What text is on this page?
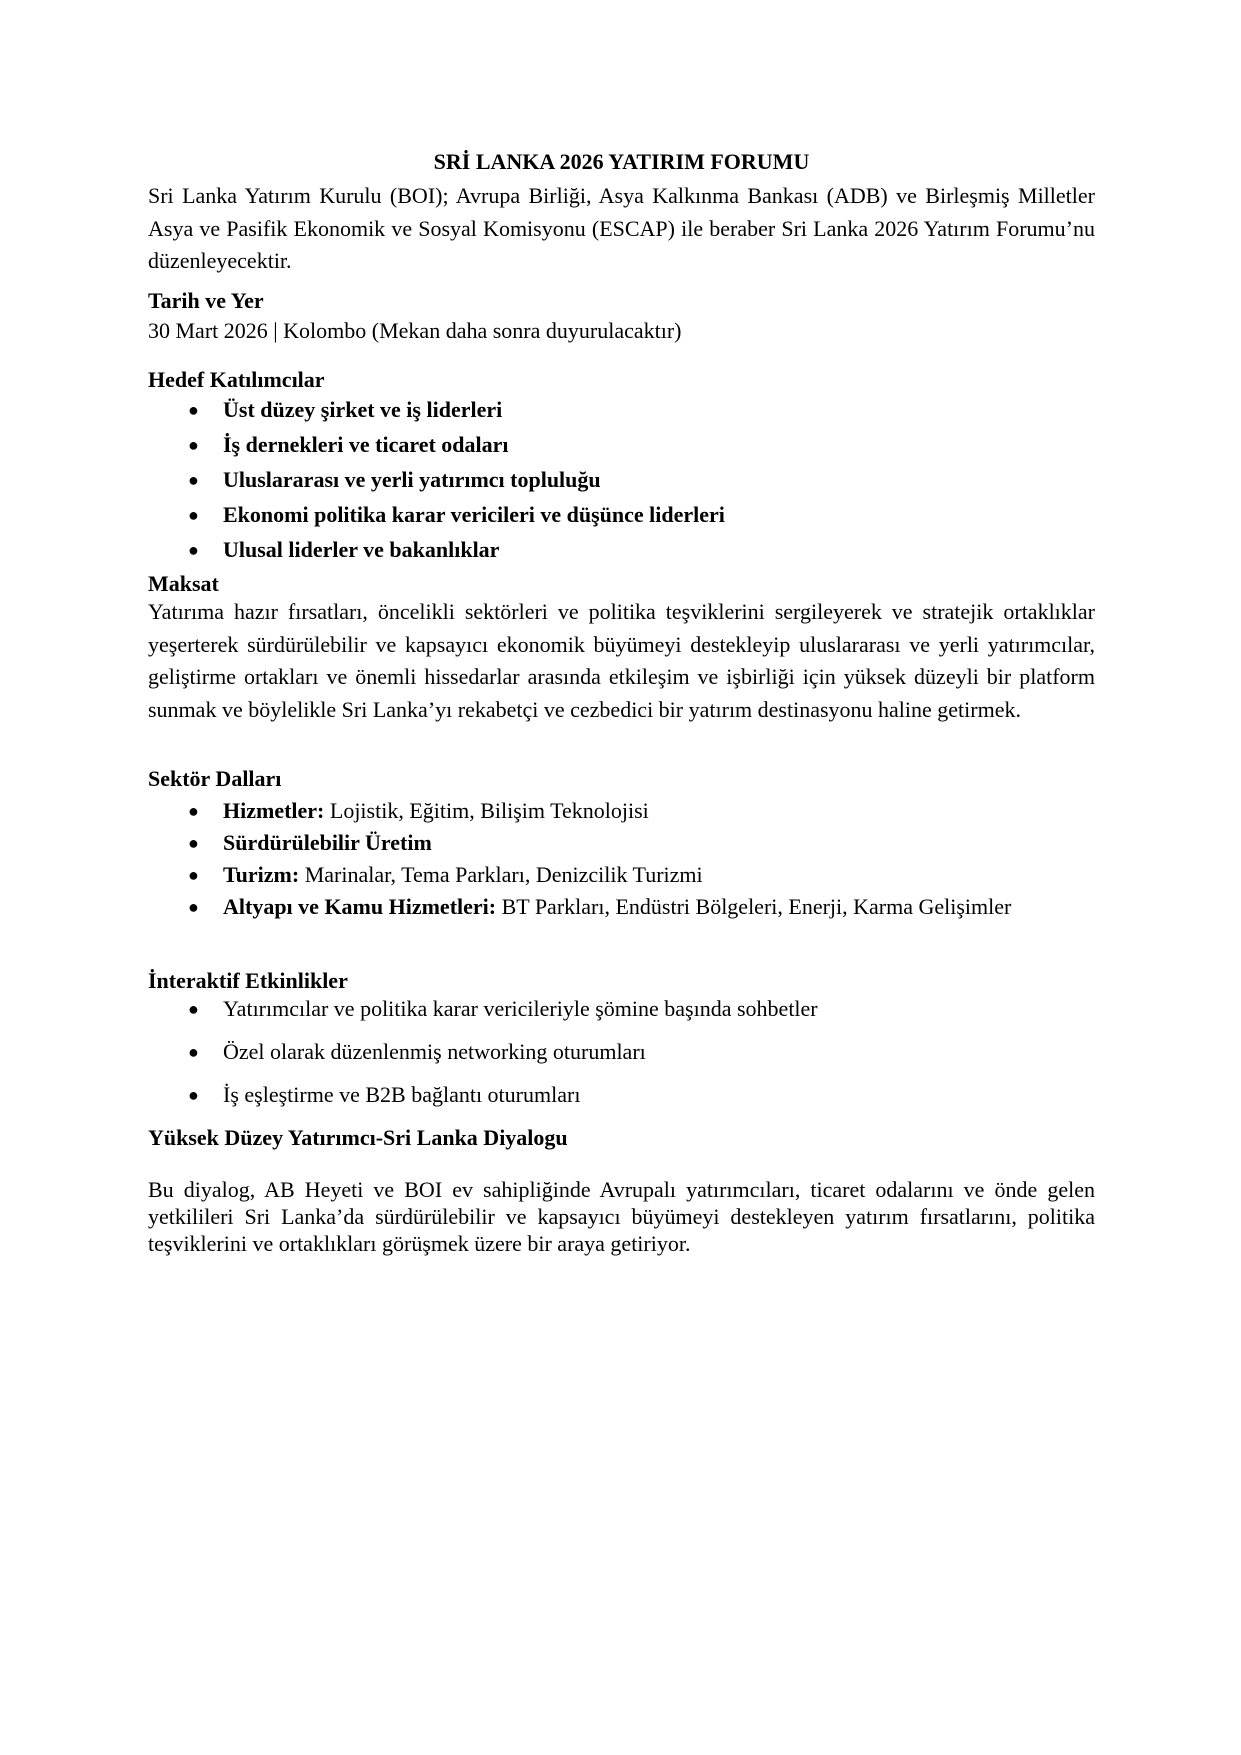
SRİ LANKA 2026 YATIRIM FORUMU
Sri Lanka Yatırım Kurulu (BOI); Avrupa Birliği, Asya Kalkınma Bankası (ADB) ve Birleşmiş Milletler Asya ve Pasifik Ekonomik ve Sosyal Komisyonu (ESCAP) ile beraber Sri Lanka 2026 Yatırım Forumu’nu düzenleyecektir.
Tarih ve Yer
30 Mart 2026 | Kolombo (Mekan daha sonra duyurulacaktır)
Hedef Katılımcılar
● Üst düzey şirket ve iş liderleri
● İş dernekleri ve ticaret odaları
● Uluslararası ve yerli yatırımcı topluluğu
● Ekonomi politika karar vericileri ve düşünce liderleri
● Ulusal liderler ve bakanlıklar
Maksat
Yatırıma hazır fırsatları, öncelikli sektörleri ve politika teşviklerini sergileyerek ve stratejik ortaklıklar yeşerterek sürdürülebilir ve kapsayıcı ekonomik büyümeyi destekleyip uluslararası ve yerli yatırımcılar, geliştirme ortakları ve önemli hissedarlar arasında etkileşim ve işbirliği için yüksek düzeyli bir platform sunmak ve böylelikle Sri Lanka’yı rekabetçi ve cezbedici bir yatırım destinasyonu haline getirmek.
Sektör Dalları
● Hizmetler: Lojistik, Eğitim, Bilişim Teknolojisi
● Sürdürülebilir Üretim
● Turizm: Marinalar, Tema Parkları, Denizcilik Turizmi
● Altyapı ve Kamu Hizmetleri: BT Parkları, Endüstri Bölgeleri, Enerji, Karma Gelişimler
İnteraktif Etkinlikler
● Yatırımcılar ve politika karar vericileriyle şömine başında sohbetler
● Özel olarak düzenlenmiş networking oturumları
● İş eşleştirme ve B2B bağlantı oturumları
Yüksek Düzey Yatırımcı-Sri Lanka Diyalogu
Bu diyalog, AB Heyeti ve BOI ev sahipliğinde Avrupalı yatırımcıları, ticaret odalarını ve önde gelen yetkilileri Sri Lanka’da sürdürülebilir ve kapsayıcı büyümeyi destekleyen yatırım fırsatlarını, politika teşviklerini ve ortaklıkları görüşmek üzere bir araya getiriyor.
